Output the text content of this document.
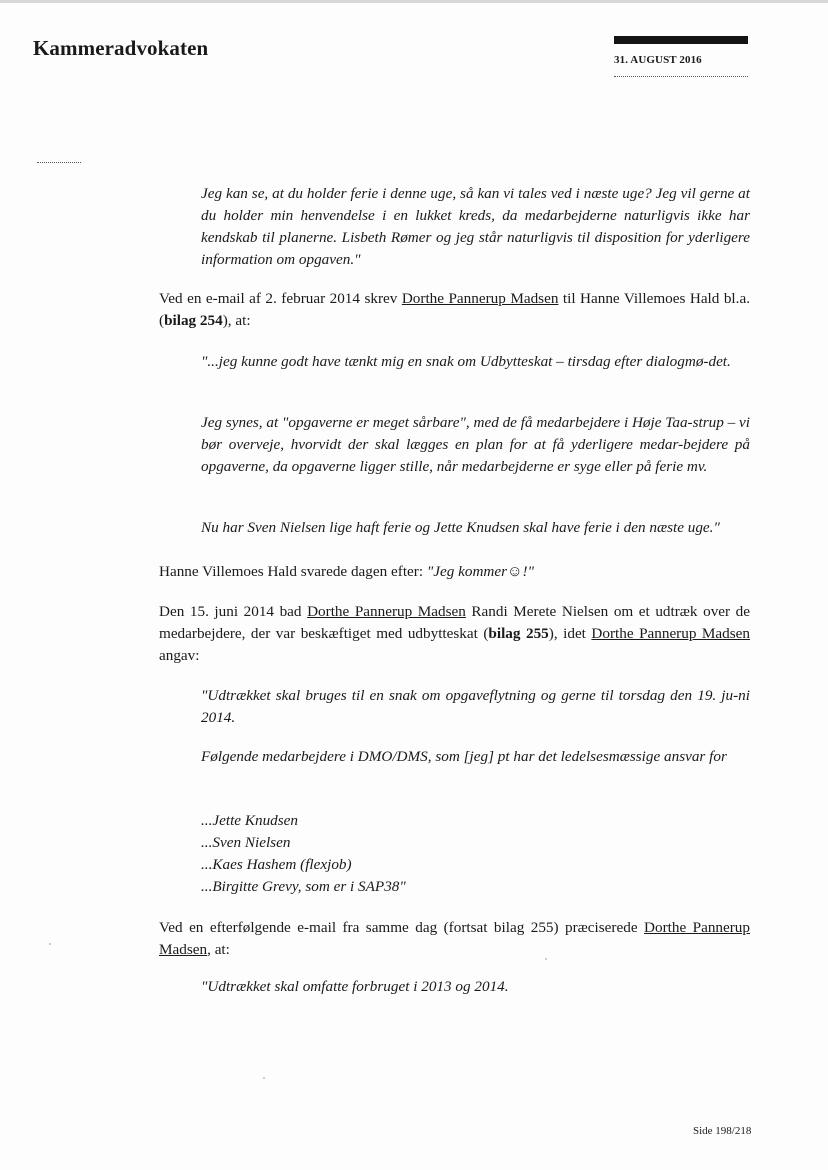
Kammeradvokaten	31. AUGUST 2016
Jeg kan se, at du holder ferie i denne uge, så kan vi tales ved i næste uge? Jeg vil gerne at du holder min henvendelse i en lukket kreds, da medarbejderne naturligvis ikke har kendskab til planerne. Lisbeth Rømer og jeg står naturligvis til disposition for yderligere information om opgaven."
Ved en e-mail af 2. februar 2014 skrev Dorthe Pannerup Madsen til Hanne Villemoes Hald bl.a. (bilag 254), at:
"...jeg kunne godt have tænkt mig en snak om Udbytteskat – tirsdag efter dialogmø-det.
Jeg synes, at "opgaverne er meget sårbare", med de få medarbejdere i Høje Taa-strup – vi bør overveje, hvorvidt der skal lægges en plan for at få yderligere medar-bejdere på opgaverne, da opgaverne ligger stille, når medarbejderne er syge eller på ferie mv.
Nu har Sven Nielsen lige haft ferie og Jette Knudsen skal have ferie i den næste uge."
Hanne Villemoes Hald svarede dagen efter: "Jeg kommer☺!"
Den 15. juni 2014 bad Dorthe Pannerup Madsen Randi Merete Nielsen om et udtræk over de medarbejdere, der var beskæftiget med udbytteskat (bilag 255), idet Dorthe Pannerup Madsen angav:
"Udtrækket skal bruges til en snak om opgaveflytning og gerne til torsdag den 19. ju-ni 2014.
Følgende medarbejdere i DMO/DMS, som [jeg] pt har det ledelsesmæssige ansvar for
...Jette Knudsen
...Sven Nielsen
...Kaes Hashem (flexjob)
...Birgitte Grevy, som er i SAP38"
Ved en efterfølgende e-mail fra samme dag (fortsat bilag 255) præciserede Dorthe Pannerup Madsen, at:
"Udtrækket skal omfatte forbruget i 2013 og 2014.
Side 198/218
